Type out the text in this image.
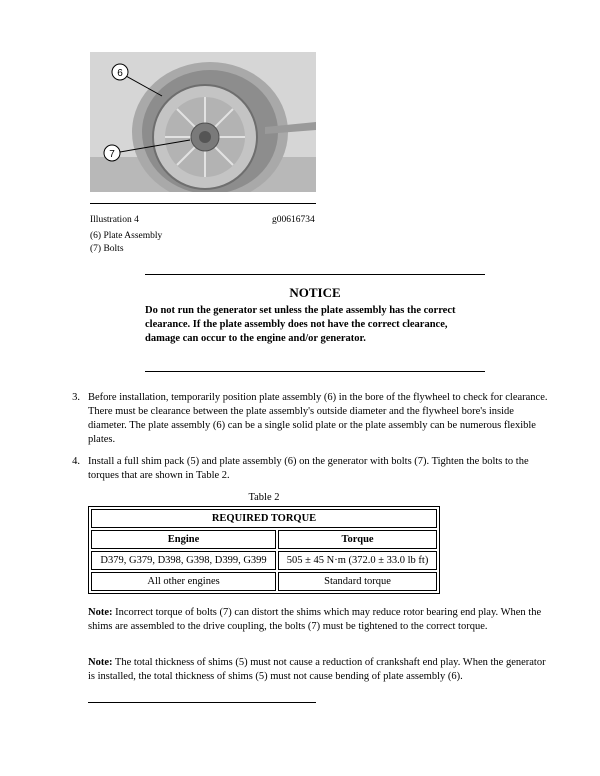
6
7
Illustration 4	g00616734
(6) Plate Assembly
(7) Bolts
NOTICE
Do not run the generator set unless the plate assembly has the correct clearance. If the plate assembly does not have the correct clearance, damage can occur to the engine and/or generator.
3. Before installation, temporarily position plate assembly (6) in the bore of the flywheel to check for clearance. There must be clearance between the plate assembly's outside diameter and the flywheel bore's inside diameter. The plate assembly (6) can be a single solid plate or the plate assembly can be numerous flexible plates.
4. Install a full shim pack (5) and plate assembly (6) on the generator with bolts (7). Tighten the bolts to the torques that are shown in Table 2.
Table 2
REQUIRED TORQUE	
Engine	Torque
D379, G379, D398, G398, D399, G399	505 ± 45 N·m (372.0 ± 33.0 lb ft)
All other engines	Standard torque
Note: Incorrect torque of bolts (7) can distort the shims which may reduce rotor bearing end play. When the shims are assembled to the drive coupling, the bolts (7) must be tightened to the correct torque.
Note: The total thickness of shims (5) must not cause a reduction of crankshaft end play. When the generator is installed, the total thickness of shims (5) must not cause bending of plate assembly (6).
